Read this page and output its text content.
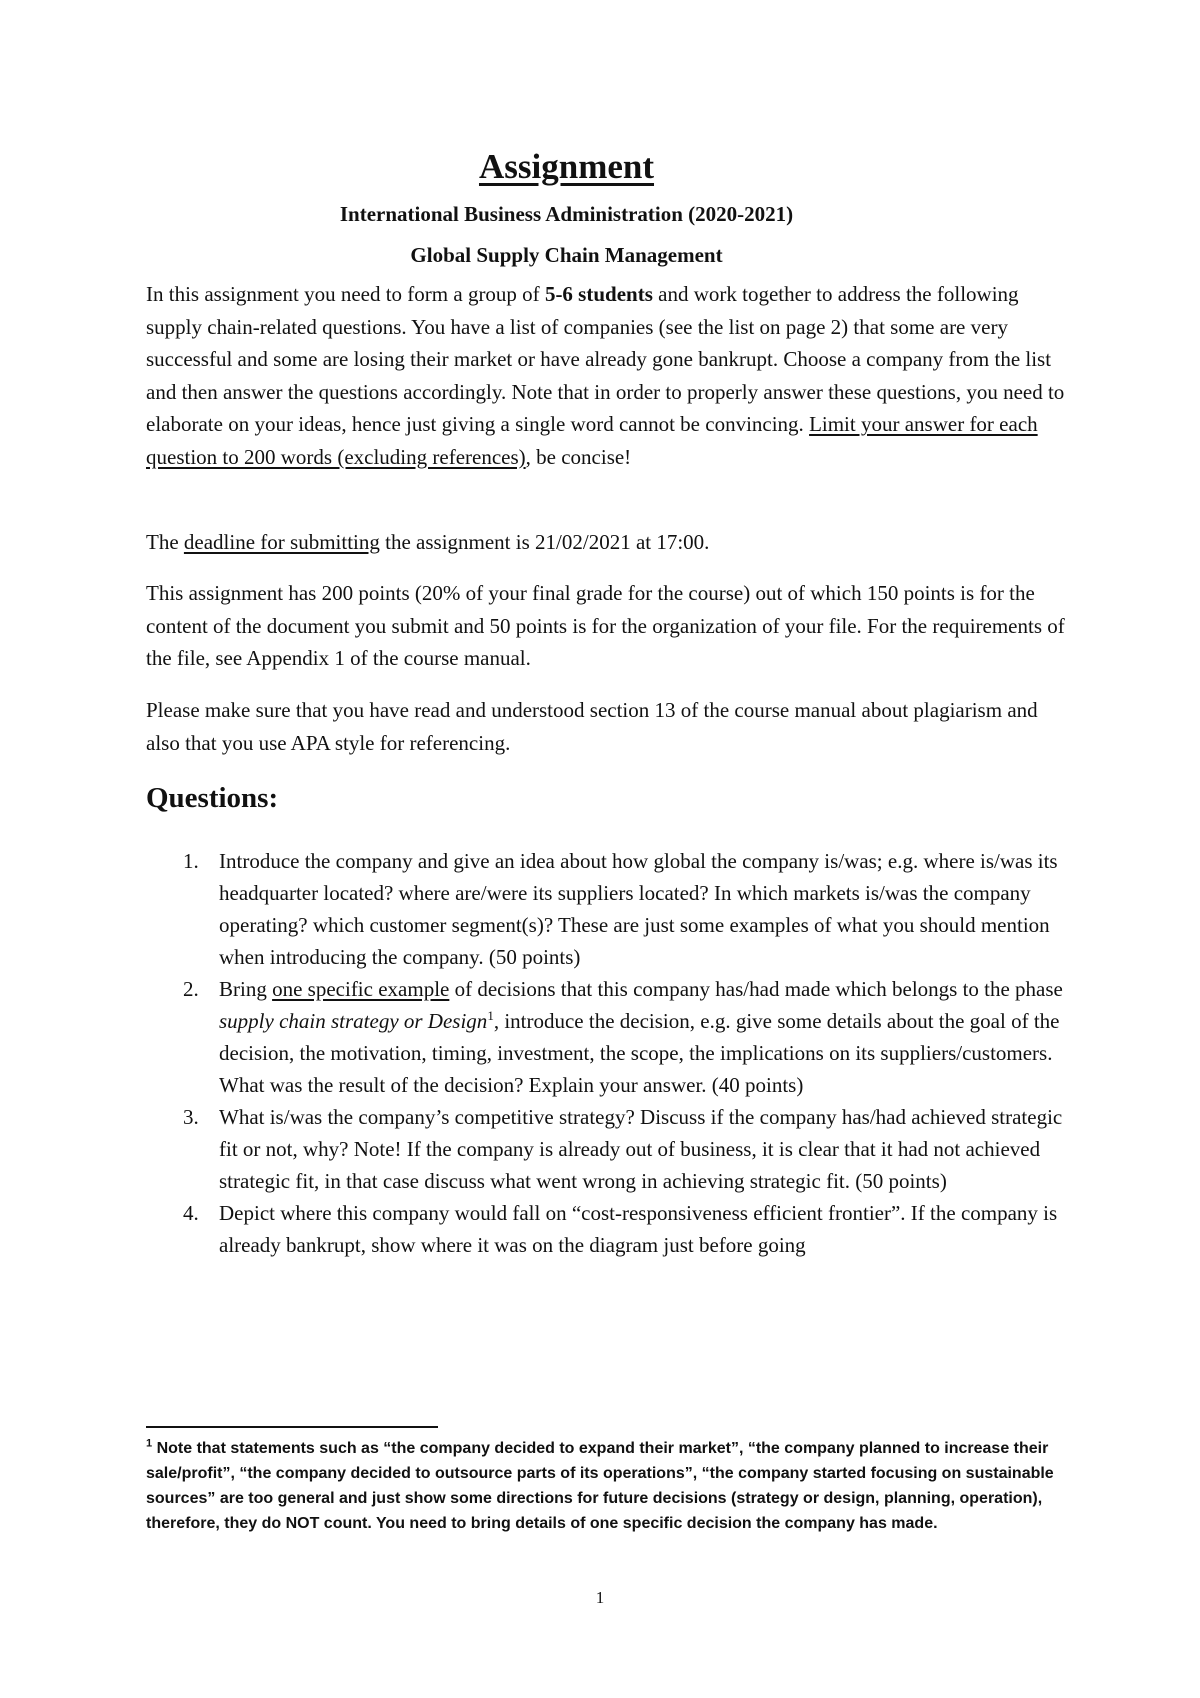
Assignment
International Business Administration (2020-2021)
Global Supply Chain Management

In this assignment you need to form a group of 5-6 students and work together to address the following supply chain-related questions. You have a list of companies (see the list on page 2) that some are very successful and some are losing their market or have already gone bankrupt. Choose a company from the list and then answer the questions accordingly. Note that in order to properly answer these questions, you need to elaborate on your ideas, hence just giving a single word cannot be convincing. Limit your answer for each question to 200 words (excluding references), be concise!

The deadline for submitting the assignment is 21/02/2021 at 17:00.

This assignment has 200 points (20% of your final grade for the course) out of which 150 points is for the content of the document you submit and 50 points is for the organization of your file. For the requirements of the file, see Appendix 1 of the course manual.

Please make sure that you have read and understood section 13 of the course manual about plagiarism and also that you use APA style for referencing.

Questions:
1. Introduce the company and give an idea about how global the company is/was; e.g. where is/was its headquarter located? where are/were its suppliers located? In which markets is/was the company operating? which customer segment(s)? These are just some examples of what you should mention when introducing the company. (50 points)
2. Bring one specific example of decisions that this company has/had made which belongs to the phase supply chain strategy or Design$^1$, introduce the decision, e.g. give some details about the goal of the decision, the motivation, timing, investment, the scope, the implications on its suppliers/customers. What was the result of the decision? Explain your answer. (40 points)
3. What is/was the company’s competitive strategy? Discuss if the company has/had achieved strategic fit or not, why? Note! If the company is already out of business, it is clear that it had not achieved strategic fit, in that case discuss what went wrong in achieving strategic fit. (50 points)
4. Depict where this company would fall on “cost-responsiveness efficient frontier”. If the company is already bankrupt, show where it was on the diagram just before going

$^1$ Note that statements such as “the company decided to expand their market”, “the company planned to increase their sale/profit”, “the company decided to outsource parts of its operations”, “the company started focusing on sustainable sources” are too general and just show some directions for future decisions (strategy or design, planning, operation), therefore, they do NOT count. You need to bring details of one specific decision the company has made.

1
